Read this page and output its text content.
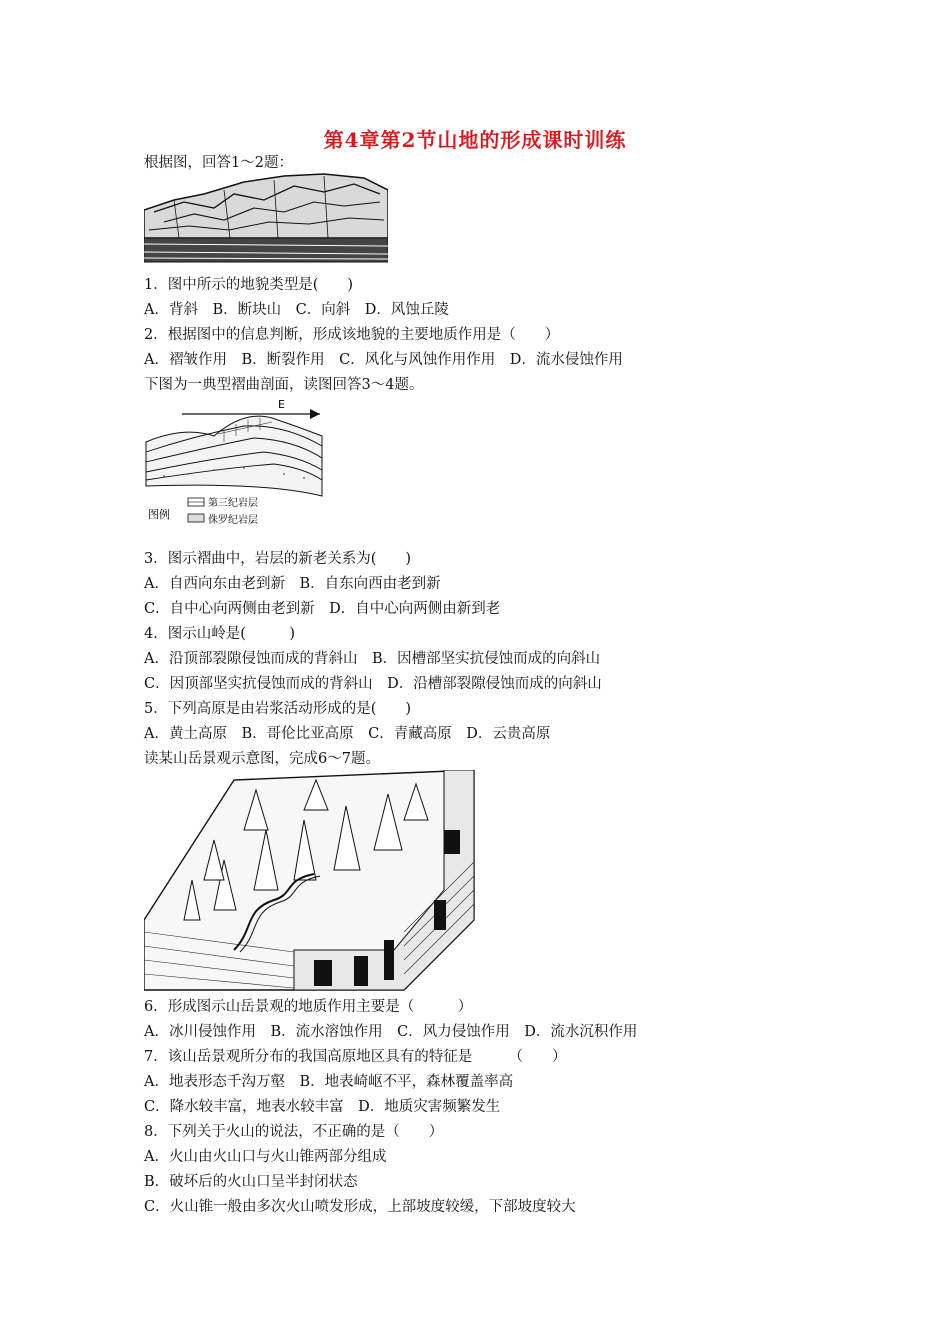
第4章第2节山地的形成课时训练
E
图例
第三纪岩层
侏罗纪岩层
根据图，回答1～2题：
1．图中所示的地貌类型是(　　)
A．背斜　B．断块山　C．向斜　D．风蚀丘陵
2．根据图中的信息判断，形成该地貌的主要地质作用是（　　）
A．褶皱作用　B．断裂作用　C．风化与风蚀作用作用　D．流水侵蚀作用
下图为一典型褶曲剖面，读图回答3～4题。
3．图示褶曲中，岩层的新老关系为(　　)
A．自西向东由老到新　B．自东向西由老到新
C．自中心向两侧由老到新　D．自中心向两侧由新到老
4．图示山岭是(　　　)
A．沿顶部裂隙侵蚀而成的背斜山　B．因槽部坚实抗侵蚀而成的向斜山
C．因顶部坚实抗侵蚀而成的背斜山　D．沿槽部裂隙侵蚀而成的向斜山
5．下列高原是由岩浆活动形成的是(　　)
A．黄土高原　B．哥伦比亚高原　C．青藏高原　D．云贵高原
读某山岳景观示意图，完成6～7题。
6．形成图示山岳景观的地质作用主要是（　　　）
A．冰川侵蚀作用　B．流水溶蚀作用　C．风力侵蚀作用　D．流水沉积作用
7．该山岳景观所分布的我国高原地区具有的特征是　　　（　　）
A．地表形态千沟万壑　B．地表崎岖不平，森林覆盖率高
C．降水较丰富，地表水较丰富　D．地质灾害频繁发生
8．下列关于火山的说法，不正确的是（　　）
A．火山由火山口与火山锥两部分组成
B．破坏后的火山口呈半封闭状态
C．火山锥一般由多次火山喷发形成，上部坡度较缓，下部坡度较大
